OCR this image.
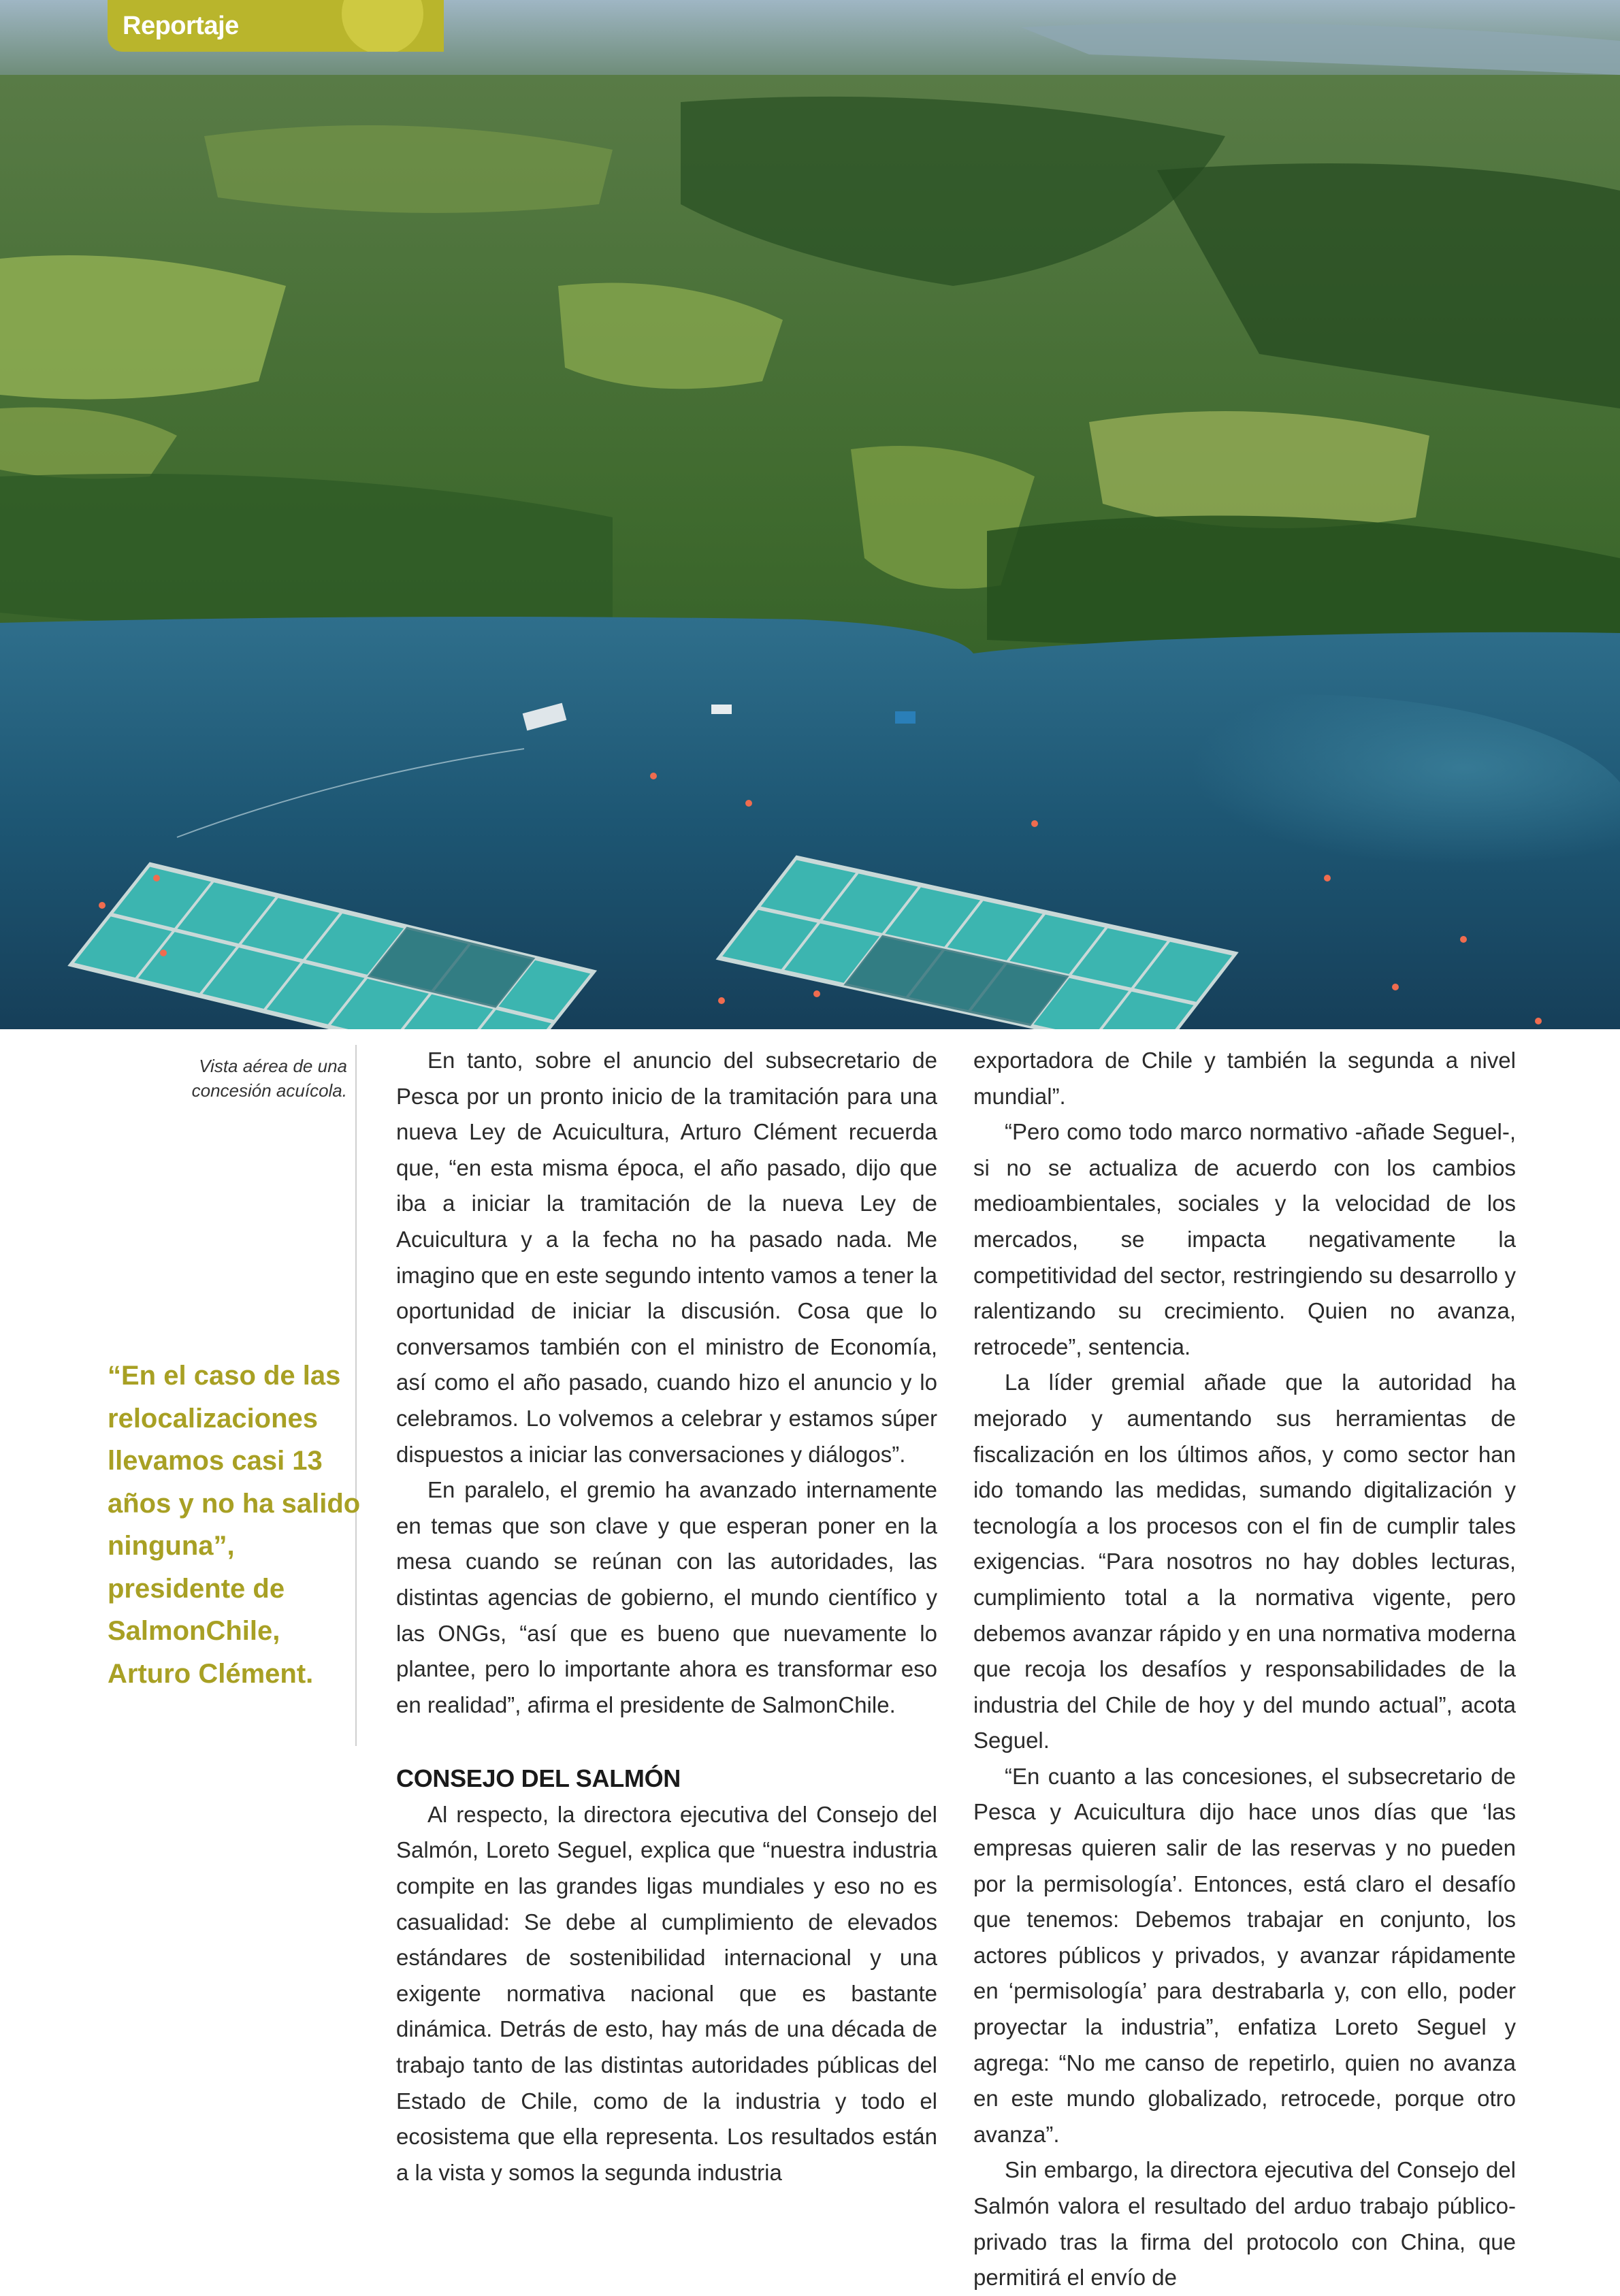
Reportaje
Vista aérea de una concesión acuícola.
“En el caso de las relocalizaciones llevamos casi 13 años y no ha salido ninguna”, presidente de SalmonChile, Arturo Clément.

En tanto, sobre el anuncio del subsecretario de Pesca por un pronto inicio de la tramitación para una nueva Ley de Acuicultura, Arturo Clément recuerda que, “en esta misma época, el año pasado, dijo que iba a iniciar la tramitación de la nueva Ley de Acuicultura y a la fecha no ha pasado nada. Me imagino que en este segundo intento vamos a tener la oportunidad de iniciar la discusión. Cosa que lo conversamos también con el ministro de Economía, así como el año pasado, cuando hizo el anuncio y lo celebramos. Lo volvemos a celebrar y estamos súper dispuestos a iniciar las conversaciones y diálogos”.

En paralelo, el gremio ha avanzado internamente en temas que son clave y que esperan poner en la mesa cuando se reúnan con las autoridades, las distintas agencias de gobierno, el mundo científico y las ONGs, “así que es bueno que nuevamente lo plantee, pero lo importante ahora es transformar eso en realidad”, afirma el presidente de SalmonChile.

CONSEJO DEL SALMÓN

Al respecto, la directora ejecutiva del Consejo del Salmón, Loreto Seguel, explica que “nuestra industria compite en las grandes ligas mundiales y eso no es casualidad: Se debe al cumplimiento de elevados estándares de sostenibilidad internacional y una exigente normativa nacional que es bastante dinámica. Detrás de esto, hay más de una década de trabajo tanto de las distintas autoridades públicas del Estado de Chile, como de la industria y todo el ecosistema que ella representa. Los resultados están a la vista y somos la segunda industria

exportadora de Chile y también la segunda a nivel mundial”.

“Pero como todo marco normativo -añade Seguel-, si no se actualiza de acuerdo con los cambios medioambientales, sociales y la velocidad de los mercados, se impacta negativamente la competitividad del sector, restringiendo su desarrollo y ralentizando su crecimiento. Quien no avanza, retrocede”, sentencia.

La líder gremial añade que la autoridad ha mejorado y aumentando sus herramientas de fiscalización en los últimos años, y como sector han ido tomando las medidas, sumando digitalización y tecnología a los procesos con el fin de cumplir tales exigencias. “Para nosotros no hay dobles lecturas, cumplimiento total a la normativa vigente, pero debemos avanzar rápido y en una normativa moderna que recoja los desafíos y responsabilidades de la industria del Chile de hoy y del mundo actual”, acota Seguel.

“En cuanto a las concesiones, el subsecretario de Pesca y Acuicultura dijo hace unos días que ‘las empresas quieren salir de las reservas y no pueden por la permisología’. Entonces, está claro el desafío que tenemos: Debemos trabajar en conjunto, los actores públicos y privados, y avanzar rápidamente en ‘permisología’ para destrabarla y, con ello, poder proyectar la industria”, enfatiza Loreto Seguel y agrega: “No me canso de repetirlo, quien no avanza en este mundo globalizado, retrocede, porque otro avanza”.

Sin embargo, la directora ejecutiva del Consejo del Salmón valora el resultado del arduo trabajo público-privado tras la firma del protocolo con China, que permitirá el envío de
